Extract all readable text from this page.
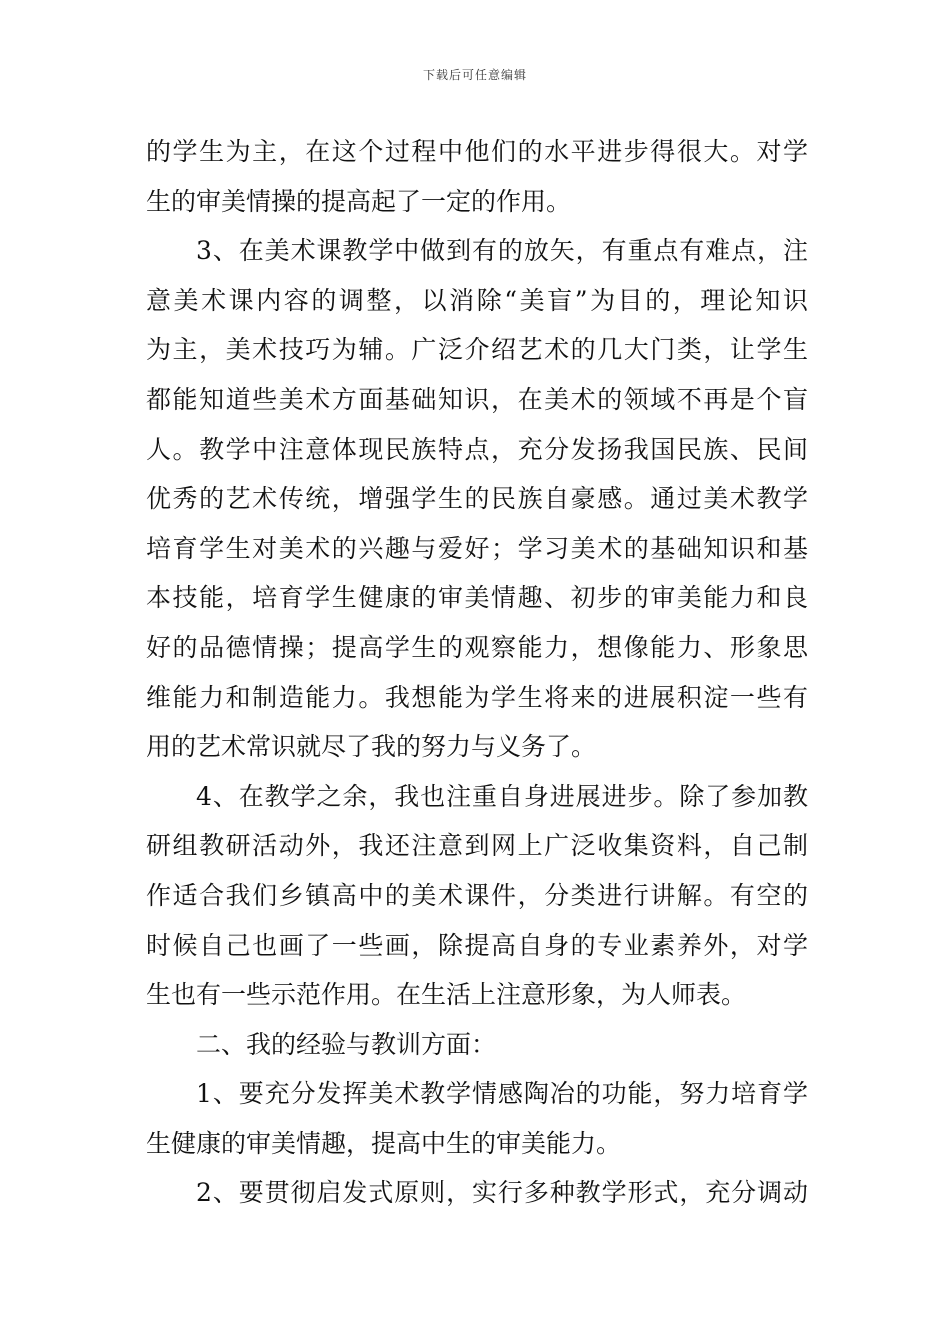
下载后可任意编辑
的学生为主，在这个过程中他们的水平进步得很大。对学
生的审美情操的提高起了一定的作用。
3、在美术课教学中做到有的放矢，有重点有难点，注
意美术课内容的调整，以消除“美盲”为目的，理论知识
为主，美术技巧为辅。广泛介绍艺术的几大门类，让学生
都能知道些美术方面基础知识，在美术的领域不再是个盲
人。教学中注意体现民族特点，充分发扬我国民族、民间
优秀的艺术传统，增强学生的民族自豪感。通过美术教学
培育学生对美术的兴趣与爱好；学习美术的基础知识和基
本技能，培育学生健康的审美情趣、初步的审美能力和良
好的品德情操；提高学生的观察能力，想像能力、形象思
维能力和制造能力。我想能为学生将来的进展积淀一些有
用的艺术常识就尽了我的努力与义务了。
4、在教学之余，我也注重自身进展进步。除了参加教
研组教研活动外，我还注意到网上广泛收集资料，自己制
作适合我们乡镇高中的美术课件，分类进行讲解。有空的
时候自己也画了一些画，除提高自身的专业素养外，对学
生也有一些示范作用。在生活上注意形象，为人师表。
二、我的经验与教训方面：
1、要充分发挥美术教学情感陶冶的功能，努力培育学
生健康的审美情趣，提高中生的审美能力。
2、要贯彻启发式原则，实行多种教学形式，充分调动
